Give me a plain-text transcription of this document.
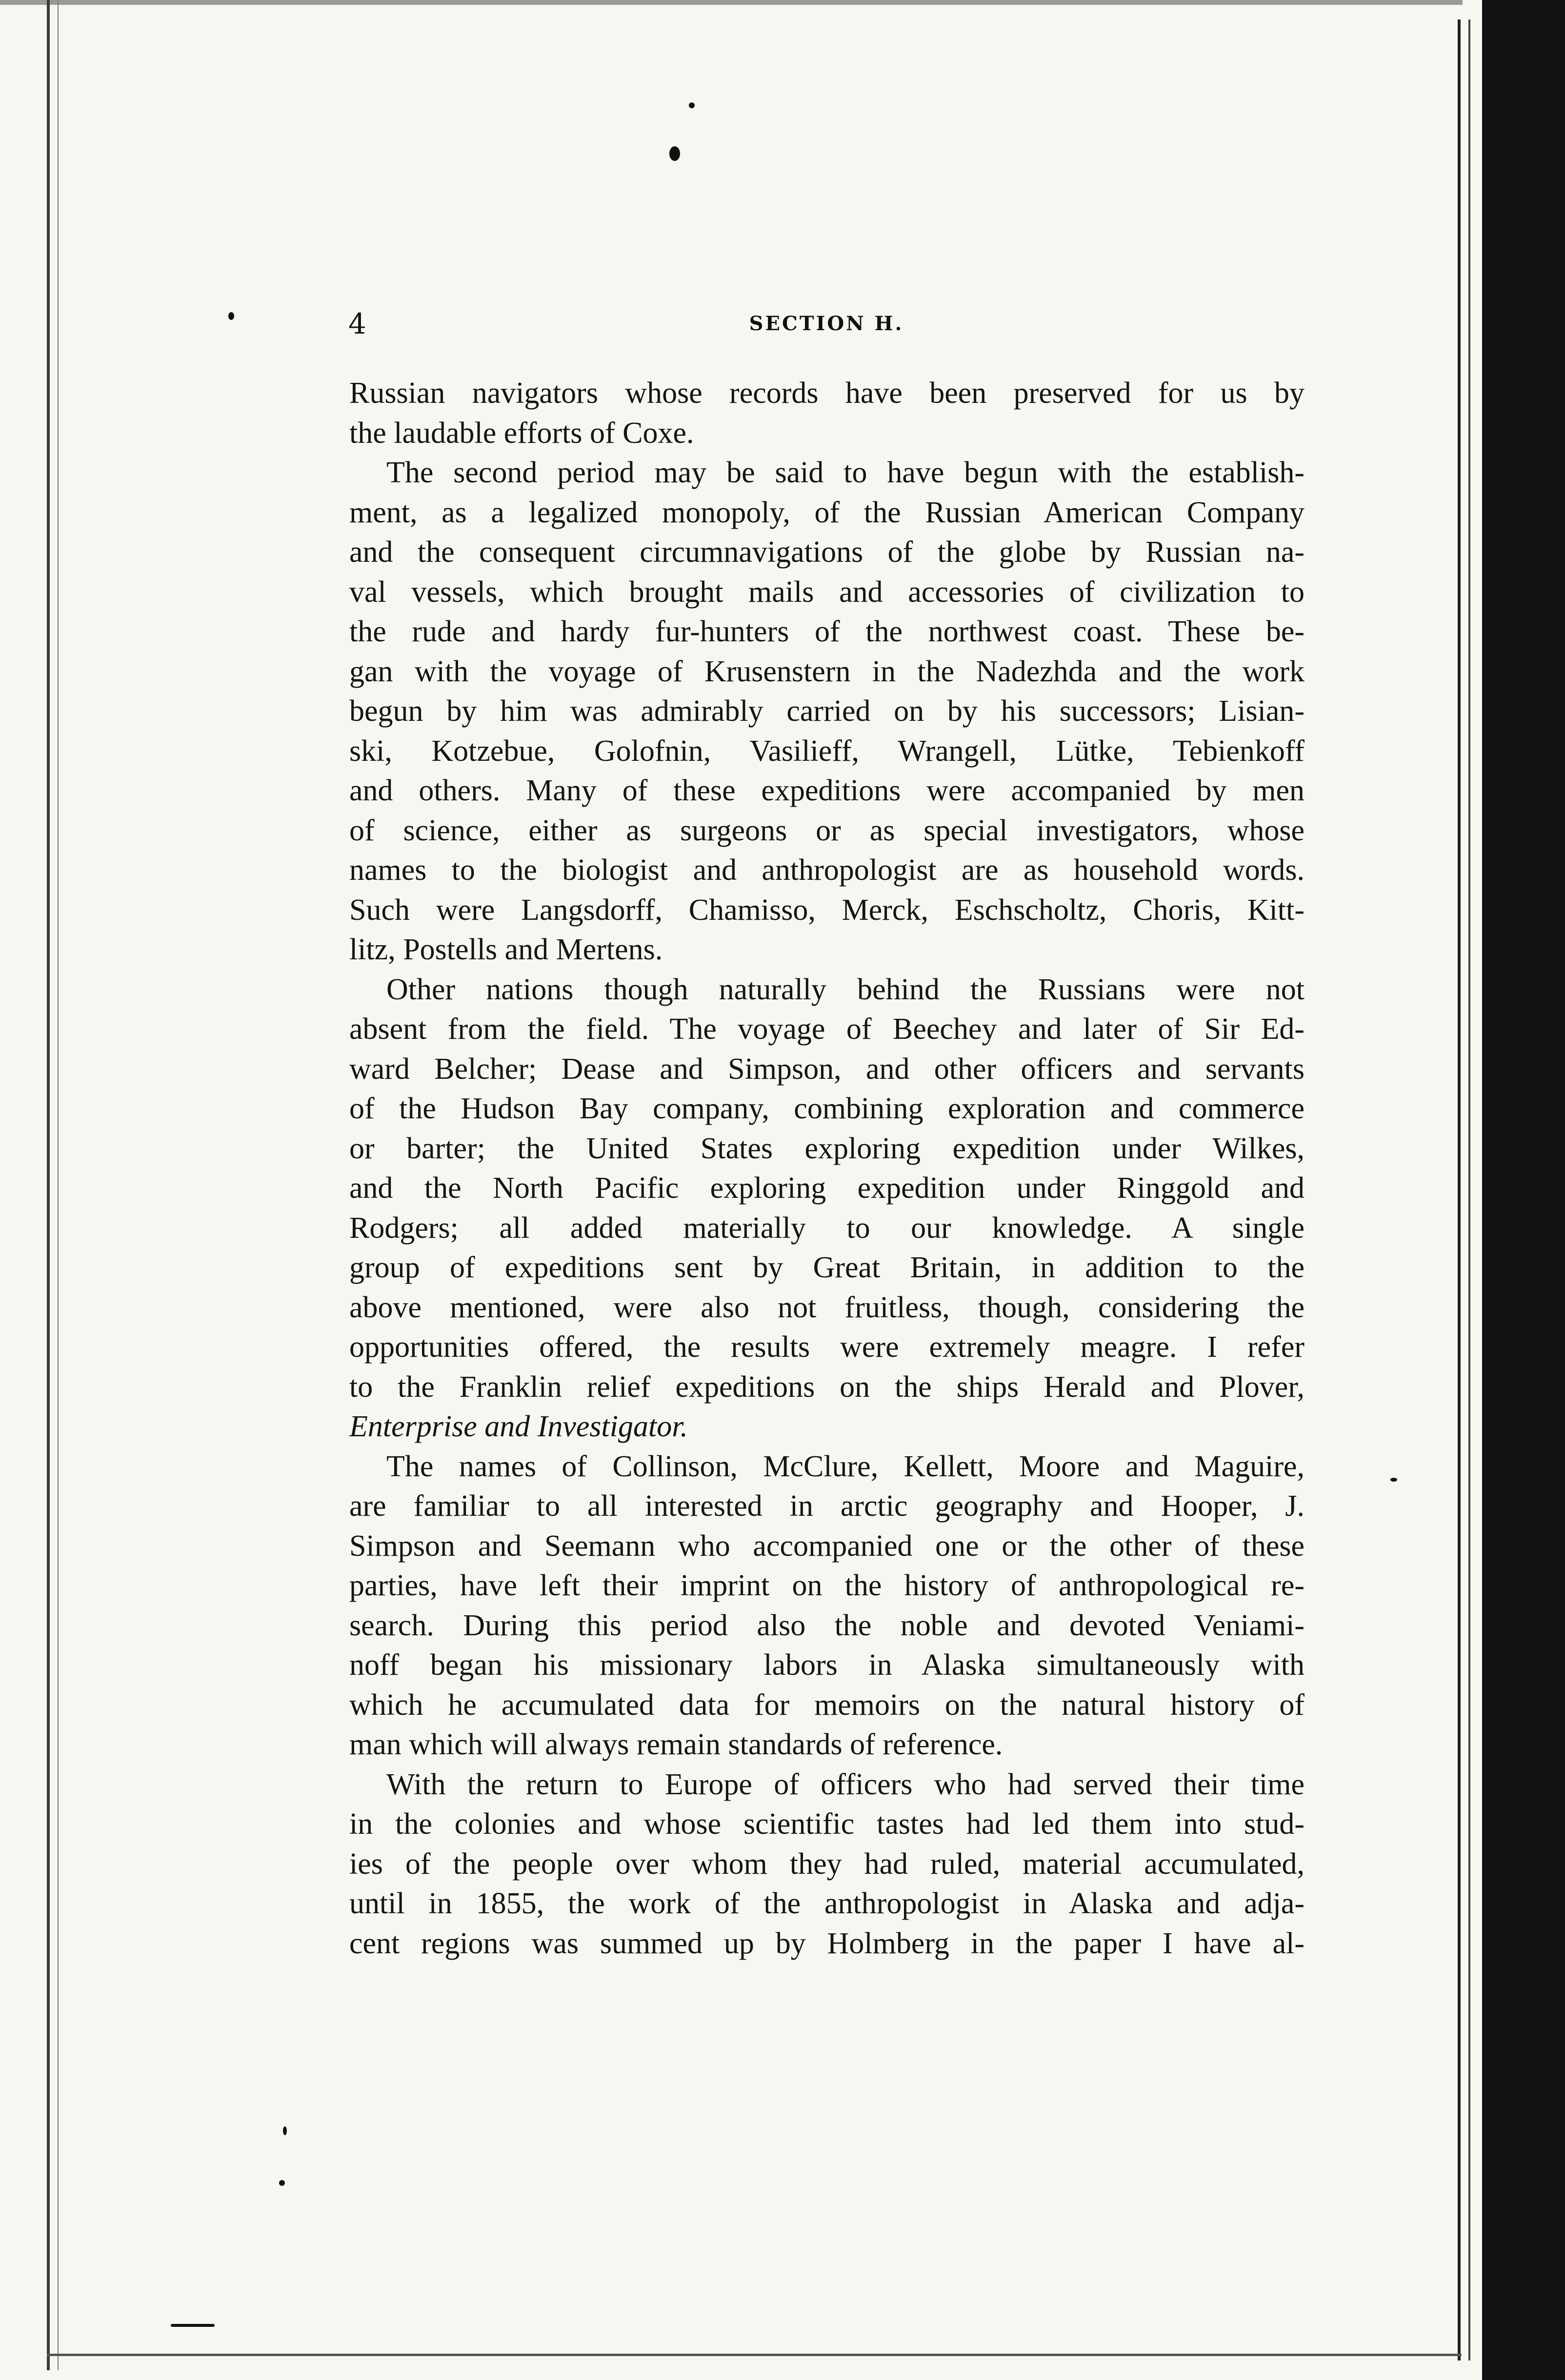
4	SECTION H.

Russian navigators whose records have been preserved for us by
the laudable efforts of Coxe.

The second period may be said to have begun with the establish-
ment, as a legalized monopoly, of the Russian American Company
and the consequent circumnavigations of the globe by Russian na-
val vessels, which brought mails and accessories of civilization to
the rude and hardy fur-hunters of the northwest coast. These be-
gan with the voyage of Krusenstern in the Nadezhda and the work
begun by him was admirably carried on by his successors; Lisian-
ski, Kotzebue, Golofnin, Vasilieff, Wrangell, Lütke, Tebienkoff
and others. Many of these expeditions were accompanied by men
of science, either as surgeons or as special investigators, whose
names to the biologist and anthropologist are as household words.
Such were Langsdorff, Chamisso, Merck, Eschscholtz, Choris, Kitt-
litz, Postells and Mertens.

Other nations though naturally behind the Russians were not
absent from the field. The voyage of Beechey and later of Sir Ed-
ward Belcher; Dease and Simpson, and other officers and servants
of the Hudson Bay company, combining exploration and commerce
or barter; the United States exploring expedition under Wilkes,
and the North Pacific exploring expedition under Ringgold and
Rodgers; all added materially to our knowledge. A single
group of expeditions sent by Great Britain, in addition to the
above mentioned, were also not fruitless, though, considering the
opportunities offered, the results were extremely meagre. I refer
to the Franklin relief expeditions on the ships Herald and Plover,
Enterprise and Investigator.

The names of Collinson, McClure, Kellett, Moore and Maguire,
are familiar to all interested in arctic geography and Hooper, J.
Simpson and Seemann who accompanied one or the other of these
parties, have left their imprint on the history of anthropological re-
search. During this period also the noble and devoted Veniami-
noff began his missionary labors in Alaska simultaneously with
which he accumulated data for memoirs on the natural history of
man which will always remain standards of reference.

With the return to Europe of officers who had served their time
in the colonies and whose scientific tastes had led them into stud-
ies of the people over whom they had ruled, material accumulated,
until in 1855, the work of the anthropologist in Alaska and adja-
cent regions was summed up by Holmberg in the paper I have al-
